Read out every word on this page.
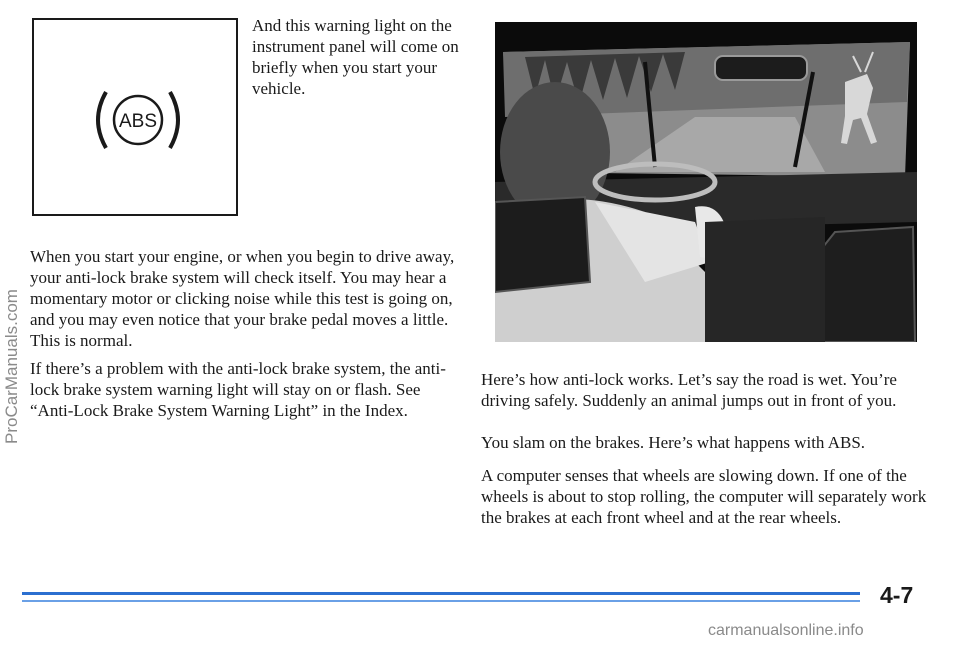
ABS

And this warning light on the instrument panel will come on briefly when you start your vehicle.

When you start your engine, or when you begin to drive away, your anti-lock brake system will check itself. You may hear a momentary motor or clicking noise while this test is going on, and you may even notice that your brake pedal moves a little. This is normal.

If there’s a problem with the anti-lock brake system, the anti-lock brake system warning light will stay on or flash. See “Anti-Lock Brake System Warning Light” in the Index.

Here’s how anti-lock works. Let’s say the road is wet. You’re driving safely. Suddenly an animal jumps out in front of you.

You slam on the brakes. Here’s what happens with ABS.

A computer senses that wheels are slowing down. If one of the wheels is about to stop rolling, the computer will separately work the brakes at each front wheel and at the rear wheels.

ProCarManuals.com
4-7
carmanualsonline.info
